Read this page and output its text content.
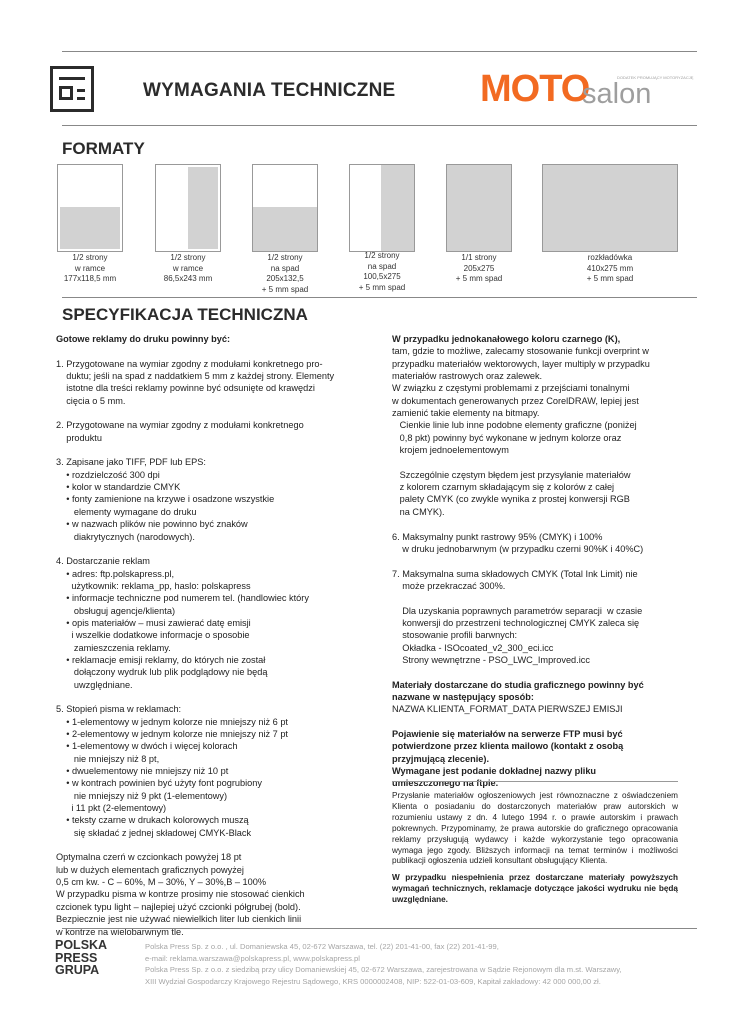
WYMAGANIA TECHNICZNE MOTO
salon
DODATEK PROMUJĄCY MOTORYZACJĘ
FORMATY
1/2 strony
w ramce
177x118,5 mm
1/2 strony
w ramce
86,5x243 mm
1/2 strony
na spad
205x132,5
+ 5 mm spad
1/2 strony
na spad
100,5x275
+ 5 mm spad
1/1 strony
205x275
+ 5 mm spad
rozkładówka
410x275 mm
+ 5 mm spad
SPECYFIKACJA TECHNICZNA

Gotowe reklamy do druku powinny być:

1. Przygotowane na wymiar zgodny z modułami konkretnego pro-

duktu; jeśli na spad z naddatkiem 5 mm z każdej strony. Elementy

istotne dla treści reklamy powinne być odsunięte od krawędzi

cięcia o 5 mm.

2. Przygotowane na wymiar zgodny z modułami konkretnego

produktu

3. Zapisane jako TIFF, PDF lub EPS:

• rozdzielczość 300 dpi

• kolor w standardzie CMYK

• fonty zamienione na krzywe i osadzone wszystkie

elementy wymagane do druku

• w nazwach plików nie powinno być znaków

diakrytycznych (narodowych).

4. Dostarczanie reklam

• adres: ftp.polskapress.pl,

użytkownik: reklama_pp, haslo: polskapress

• informacje techniczne pod numerem tel. (handlowiec który

obsługuj agencje/klienta)

• opis materiałów – musi zawierać datę emisji

i wszelkie dodatkowe informacje o sposobie

zamieszczenia reklamy.

• reklamacje emisji reklamy, do których nie został

dołączony wydruk lub plik podglądowy nie będą

uwzględniane.

5. Stopień pisma w reklamach:

• 1-elementowy w jednym kolorze nie mniejszy niż 6 pt

• 2-elementowy w jednym kolorze nie mniejszy niż 7 pt

• 1-elementowy w dwóch i więcej kolorach

nie mniejszy niż 8 pt,

• dwuelementowy nie mniejszy niż 10 pt

• w kontrach powinien być użyty font pogrubiony

nie mniejszy niż 9 pkt (1-elementowy)

i 11 pkt (2-elementowy)

• teksty czarne w drukach kolorowych muszą

się składać z jednej składowej CMYK-Black

Optymalna czerń w czcionkach powyżej 18 pt

lub w dużych elementach graficznych powyżej

0,5 cm kw. - C – 60%, M – 30%, Y – 30%,B – 100%

W przypadku pisma w kontrze prosimy nie stosować cienkich

czcionek typu light – najlepiej użyć czcionki półgrubej (bold).

Bezpiecznie jest nie używać niewielkich liter lub cienkich linii

w kontrze na wielobarwnym tle.

W przypadku jednokanałowego koloru czarnego (K),

tam, gdzie to możliwe, zalecamy stosowanie funkcji overprint w

przypadku materiałów wektorowych, layer multiply w przypadku

materiałów rastrowych oraz zalewek.

W związku z częstymi problemami z przejściami tonalnymi

w dokumentach generowanych przez CorelDRAW, lepiej jest

zamienić takie elementy na bitmapy.

Cienkie linie lub inne podobne elementy graficzne (poniżej

0,8 pkt) powinny być wykonane w jednym kolorze oraz

krojem jednoelementowym

Szczególnie częstym błędem jest przysyłanie materiałów

z kolorem czarnym składającym się z kolorów z całej

palety CMYK (co zwykle wynika z prostej konwersji RGB

na CMYK).

6. Maksymalny punkt rastrowy 95% (CMYK) i 100%

w druku jednobarwnym (w przypadku czerni 90%K i 40%C)

7. Maksymalna suma składowych CMYK (Total Ink Limit) nie

może przekraczać 300%.

Dla uzyskania poprawnych parametrów separacji  w czasie

konwersji do przestrzeni technologicznej CMYK zaleca się

stosowanie profili barwnych:

Okładka - ISOcoated_v2_300_eci.icc

Strony wewnętrzne - PSO_LWC_Improved.icc

Materiały dostarczane do studia graficznego powinny być

nazwane w następujący sposób:

NAZWA KLIENTA_FORMAT_DATA PIERWSZEJ EMISJI

Pojawienie się materiałów na serwerze FTP musi być

potwierdzone przez klienta mailowo (kontakt z osobą

przyjmującą zlecenie).

Wymagane jest podanie dokładnej nazwy pliku

umieszczonego na ftpie.

Przysłanie materiałów ogłoszeniowych jest równoznaczne z oświadczeniem Klienta o posiadaniu do dostarczonych materiałów praw autorskich w rozumieniu ustawy z dn. 4 lutego 1994 r. o prawie autorskim i prawach pokrewnych. Przypominamy, że prawa autorskie do graficznego opracowania reklamy przysługują wydawcy i każde wykorzystanie tego opracowania wymaga jego zgody. Bliższych informacji na temat terminów i możliwości publikacji ogłoszenia udzieli konsultant obsługujący Klienta.

W przypadku niespełnienia przez dostarczane materiały powyższych wymagań technicznych, reklamacje dotyczące jakości wydruku nie będą uwzględniane.

POLSKA
PRESS
GRUPA

Polska Press Sp. z o.o. , ul. Domaniewska 45, 02-672 Warszawa, tel. (22) 201-41-00, fax (22) 201-41-99,

e-mail: reklama.warszawa@polskapress.pl, www.polskapress.pl

Polska Press Sp. z o.o. z siedzibą przy ulicy Domaniewskiej 45, 02-672 Warszawa, zarejestrowana w Sądzie Rejonowym dla m.st. Warszawy,

XIII Wydział Gospodarczy Krajowego Rejestru Sądowego, KRS 0000002408, NIP: 522-01-03-609, Kapitał zakładowy: 42 000 000,00 zł.
